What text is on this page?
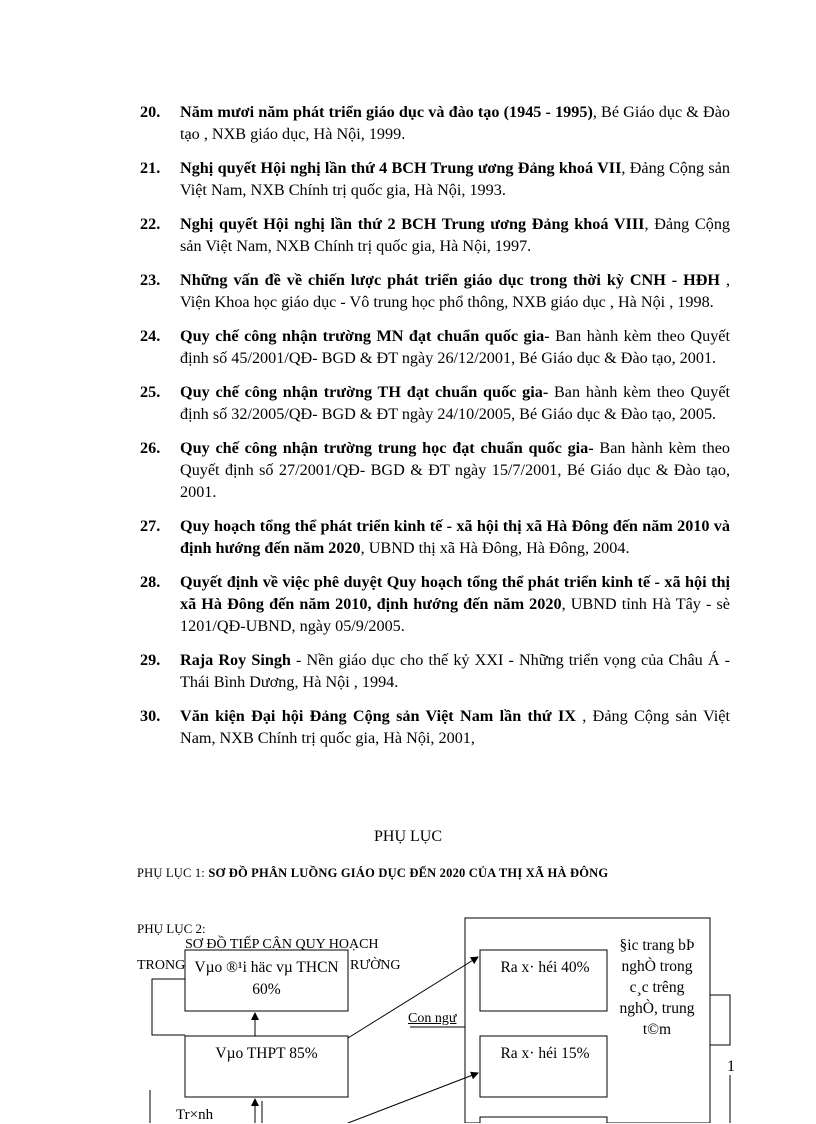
20.	Năm mươi năm phát triển giáo dục và đào tạo (1945 - 1995), Bé Giáo dục & Đào tạo , NXB giáo dục, Hà Nội, 1999.
21.	Nghị quyết Hội nghị lần thứ 4 BCH Trung ương Đảng khoá VII, Đảng Cộng sản Việt Nam, NXB Chính trị quốc gia, Hà Nội, 1993.
22.	Nghị quyết Hội nghị lần thứ 2 BCH Trung ương Đảng khoá VIII, Đảng Cộng sản Việt Nam, NXB Chính trị quốc gia, Hà Nội, 1997.
23.	Những vấn đề về chiến lược phát triển giáo dục trong thời kỳ CNH - HĐH , Viện Khoa học giáo dục - Vô trung học phổ thông, NXB giáo dục , Hà Nội , 1998.
24.	Quy chế công nhận trường MN đạt chuẩn quốc gia- Ban hành kèm theo Quyết định số 45/2001/QĐ- BGD & ĐT ngày 26/12/2001, Bé Giáo dục & Đào tạo, 2001.
25.	Quy chế công nhận trường TH đạt chuẩn quốc gia- Ban hành kèm theo Quyết định số 32/2005/QĐ- BGD & ĐT ngày 24/10/2005, Bé Giáo dục & Đào tạo, 2005.
26.	Quy chế công nhận trường trung học đạt chuẩn quốc gia- Ban hành kèm theo Quyết định số 27/2001/QĐ- BGD & ĐT ngày 15/7/2001, Bé Giáo dục & Đào tạo, 2001.
27.	Quy hoạch tổng thể phát triển kinh tế - xã hội thị xã Hà Đông đến năm 2010 và định hướng đến năm 2020, UBND thị xã Hà Đông, Hà Đông, 2004.
28.	Quyết định về việc phê duyệt Quy hoạch tổng thể phát triển kinh tế - xã hội thị xã Hà Đông đến năm 2010, định hướng đến năm 2020, UBND tỉnh Hà Tây - sè 1201/QĐ-UBND, ngày 05/9/2005.
29.	Raja Roy Singh - Nền giáo dục cho thế kỷ XXI - Những triển vọng của Châu Á - Thái Bình Dương, Hà Nội , 1994.
30.	Văn kiện Đại hội Đảng Cộng sản Việt Nam lần thứ IX , Đảng Cộng sản Việt Nam, NXB Chính trị quốc gia, Hà Nội, 2001,
PHỤ LỤC
PHỤ LỤC 1: SƠ ĐỒ PHÂN LUỒNG GIÁO DỤC ĐẾN 2020 CỦA THỊ XÃ HÀ ĐÔNG
PHỤ LỤC 2:
SƠ ĐỒ TIẾP CẬN QUY HOẠCH
TRONG	RƯỜNG
Vµo ®¹i häc vµ THCN 60%
Vµo THPT 85%
Ra x· héi 40%
Ra x· héi 15%
§ic trang bÞ nghÒ trong c¸c trêng nghÒ, trung t©m
Con ngư
Tr×nh
1
